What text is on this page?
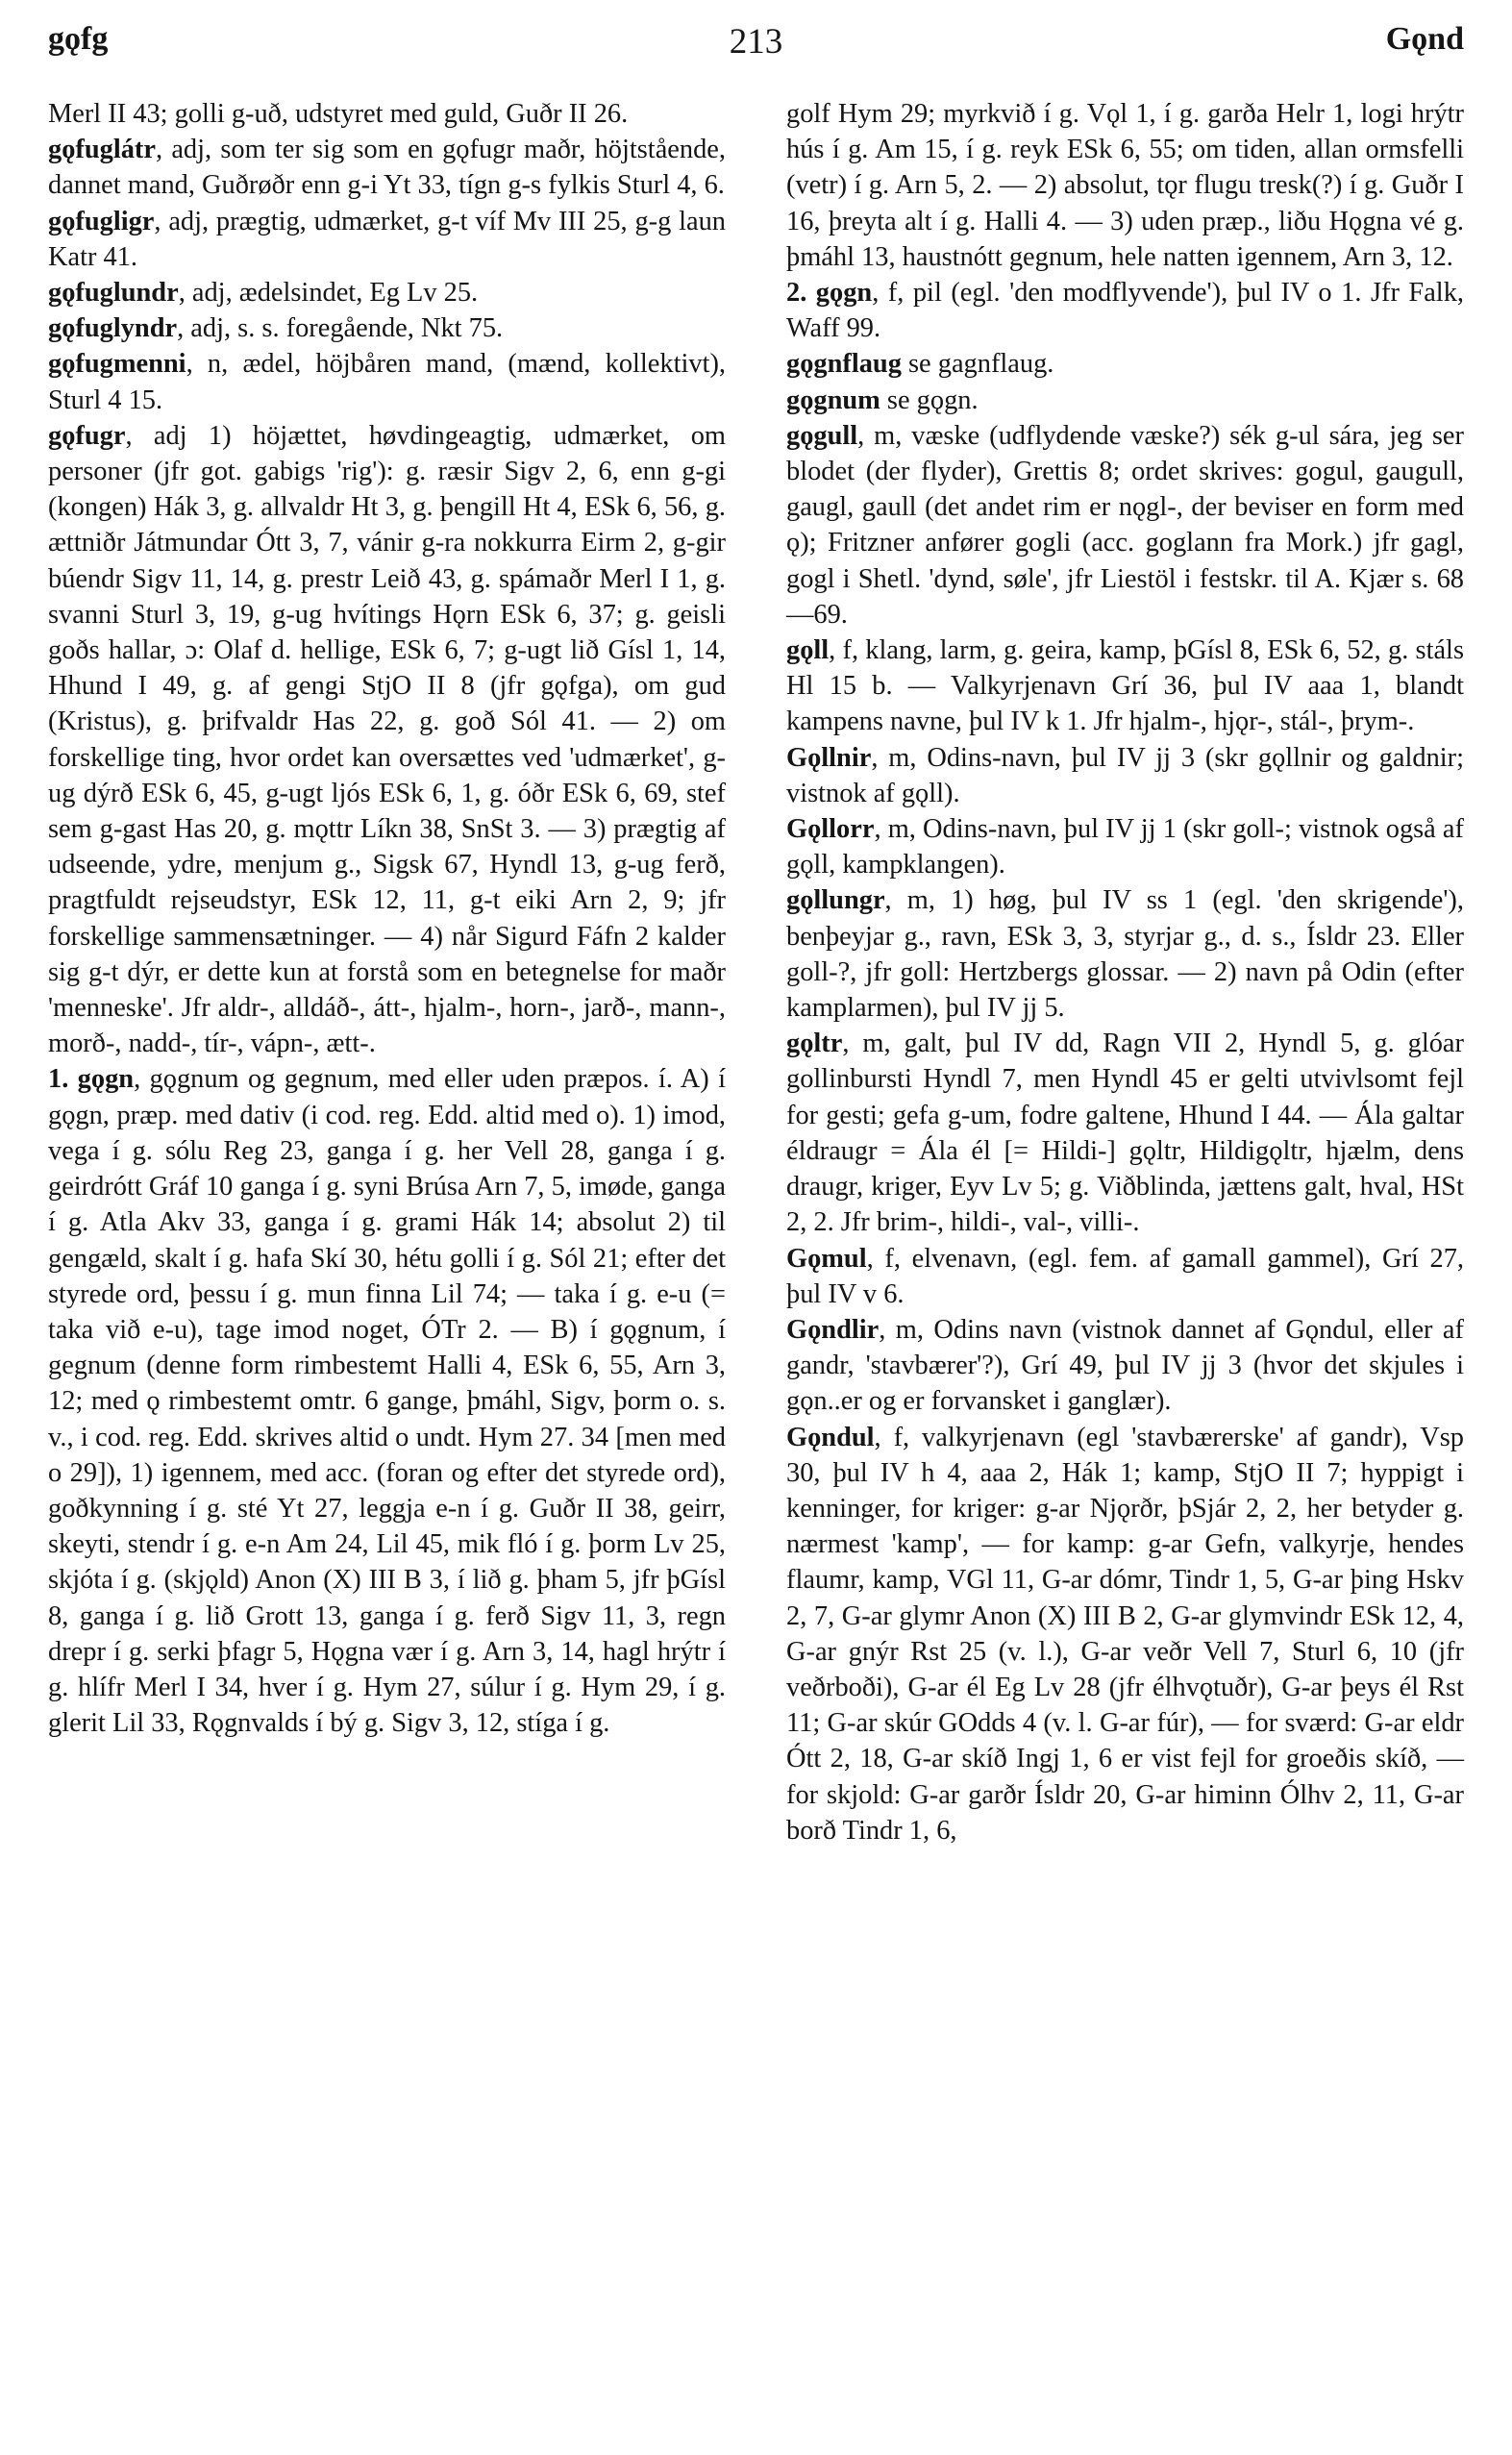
gǫfg	213	Gǫnd

Merl II 43; golli g-uð, udstyret med guld, Guðr II 26.

gǫfuglátr, adj, som ter sig som en gǫfugr maðr, höjtstående, dannet mand, Guðrøðr enn g-i Yt 33, tígn g-s fylkis Sturl 4, 6.

gǫfugligr, adj, prægtig, udmærket, g-t víf Mv III 25, g-g laun Katr 41.

gǫfuglundr, adj, ædelsindet, Eg Lv 25.

gǫfuglyndr, adj, s. s. foregående, Nkt 75.

gǫfugmenni, n, ædel, höjbåren mand, (mænd, kollektivt), Sturl 4 15.

gǫfugr, adj 1) höjættet, høvdingeagtig, udmærket, om personer (jfr got. gabigs 'rig'): g. ræsir Sigv 2, 6, enn g-gi (kongen) Hák 3, g. allvaldr Ht 3, g. þengill Ht 4, ESk 6, 56, g. ættniðr Játmundar Ótt 3, 7, vánir g-ra nokkurra Eirm 2, g-gir búendr Sigv 11, 14, g. prestr Leið 43, g. spámaðr Merl I 1, g. svanni Sturl 3, 19, g-ug hvítings Hǫrn ESk 6, 37; g. geisli goðs hallar, ɔ: Olaf d. hellige, ESk 6, 7; g-ugt lið Gísl 1, 14, Hhund I 49, g. af gengi StjO II 8 (jfr gǫfga), om gud (Kristus), g. þrifvaldr Has 22, g. goð Sól 41. — 2) om forskellige ting, hvor ordet kan oversættes ved 'udmærket', g-ug dýrð ESk 6, 45, g-ugt ljós ESk 6, 1, g. óðr ESk 6, 69, stef sem g-gast Has 20, g. mǫttr Líkn 38, SnSt 3. — 3) prægtig af udseende, ydre, menjum g., Sigsk 67, Hyndl 13, g-ug ferð, pragtfuldt rejseudstyr, ESk 12, 11, g-t eiki Arn 2, 9; jfr forskellige sammensætninger. — 4) når Sigurd Fáfn 2 kalder sig g-t dýr, er dette kun at forstå som en betegnelse for maðr 'menneske'. Jfr aldr-, alldáð-, átt-, hjalm-, horn-, jarð-, mann-, morð-, nadd-, tír-, vápn-, ætt-.

1. gǫgn, gǫgnum og gegnum, med eller uden præpos. í. A) í gǫgn, præp. med dativ (i cod. reg. Edd. altid med o). 1) imod, vega í g. sólu Reg 23, ganga í g. her Vell 28, ganga í g. geirdrótt Gráf 10 ganga í g. syni Brúsa Arn 7, 5, imøde, ganga í g. Atla Akv 33, ganga í g. grami Hák 14; absolut 2) til gengæld, skalt í g. hafa Skí 30, hétu golli í g. Sól 21; efter det styrede ord, þessu í g. mun finna Lil 74; — taka í g. e-u (= taka við e-u), tage imod noget, ÓTr 2. — B) í gǫgnum, í gegnum (denne form rimbestemt Halli 4, ESk 6, 55, Arn 3, 12; med ǫ rimbestemt omtr. 6 gange, þmáhl, Sigv, þorm o. s. v., i cod. reg. Edd. skrives altid o undt. Hym 27. 34 [men med o 29]), 1) igennem, med acc. (foran og efter det styrede ord), goðkynning í g. sté Yt 27, leggja e-n í g. Guðr II 38, geirr, skeyti, stendr í g. e-n Am 24, Lil 45, mik fló í g. þorm Lv 25, skjóta í g. (skjǫld) Anon (X) III B 3, í lið g. þham 5, jfr þGísl 8, ganga í g. lið Grott 13, ganga í g. ferð Sigv 11, 3, regn drepr í g. serki þfagr 5, Hǫgna vær í g. Arn 3, 14, hagl hrýtr í g. hlífr Merl I 34, hver í g. Hym 27, súlur í g. Hym 29, í g. glerit Lil 33, Rǫgnvalds í bý g. Sigv 3, 12, stíga í g.

golf Hym 29; myrkvið í g. Vǫl 1, í g. garða Helr 1, logi hrýtr hús í g. Am 15, í g. reyk ESk 6, 55; om tiden, allan ormsfelli (vetr) í g. Arn 5, 2. — 2) absolut, tǫr flugu tresk(?) í g. Guðr I 16, þreyta alt í g. Halli 4. — 3) uden præp., liðu Hǫgna vé g. þmáhl 13, haustnótt gegnum, hele natten igennem, Arn 3, 12.

2. gǫgn, f, pil (egl. 'den modflyvende'), þul IV o 1. Jfr Falk, Waff 99.

gǫgnflaug se gagnflaug.

gǫgnum se gǫgn.

gǫgull, m, væske (udflydende væske?) sék g-ul sára, jeg ser blodet (der flyder), Grettis 8; ordet skrives: gogul, gaugull, gaugl, gaull (det andet rim er nǫgl-, der beviser en form med ǫ); Fritzner anfører gogli (acc. goglann fra Mork.) jfr gagl, gogl i Shetl. 'dynd, søle', jfr Liestöl i festskr. til A. Kjær s. 68—69.

gǫll, f, klang, larm, g. geira, kamp, þGísl 8, ESk 6, 52, g. stáls Hl 15 b. — Valkyrjenavn Grí 36, þul IV aaa 1, blandt kampens navne, þul IV k 1. Jfr hjalm-, hjǫr-, stál-, þrym-.

Gǫllnir, m, Odins-navn, þul IV jj 3 (skr gǫllnir og galdnir; vistnok af gǫll).

Gǫllorr, m, Odins-navn, þul IV jj 1 (skr goll-; vistnok også af gǫll, kampklangen).

gǫllungr, m, 1) høg, þul IV ss 1 (egl. 'den skrigende'), benþeyjar g., ravn, ESk 3, 3, styrjar g., d. s., Ísldr 23. Eller goll-?, jfr goll: Hertzbergs glossar. — 2) navn på Odin (efter kamplarmen), þul IV jj 5.

gǫltr, m, galt, þul IV dd, Ragn VII 2, Hyndl 5, g. glóar gollinbursti Hyndl 7, men Hyndl 45 er gelti utvivlsomt fejl for gesti; gefa g-um, fodre galtene, Hhund I 44. — Ála galtar éldraugr = Ála él [= Hildi-] gǫltr, Hildigǫltr, hjælm, dens draugr, kriger, Eyv Lv 5; g. Viðblinda, jættens galt, hval, HSt 2, 2. Jfr brim-, hildi-, val-, villi-.

Gǫmul, f, elvenavn, (egl. fem. af gamall gammel), Grí 27, þul IV v 6.

Gǫndlir, m, Odins navn (vistnok dannet af Gǫndul, eller af gandr, 'stavbærer'?), Grí 49, þul IV jj 3 (hvor det skjules i gǫn..er og er forvansket i ganglær).

Gǫndul, f, valkyrjenavn (egl 'stavbærerske' af gandr), Vsp 30, þul IV h 4, aaa 2, Hák 1; kamp, StjO II 7; hyppigt i kenninger, for kriger: g-ar Njǫrðr, þSjár 2, 2, her betyder g. nærmest 'kamp', — for kamp: g-ar Gefn, valkyrje, hendes flaumr, kamp, VGl 11, G-ar dómr, Tindr 1, 5, G-ar þing Hskv 2, 7, G-ar glymr Anon (X) III B 2, G-ar glymvindr ESk 12, 4, G-ar gnýr Rst 25 (v. l.), G-ar veðr Vell 7, Sturl 6, 10 (jfr veðrboði), G-ar él Eg Lv 28 (jfr élhvǫtuðr), G-ar þeys él Rst 11; G-ar skúr GOdds 4 (v. l. G-ar fúr), — for sværd: G-ar eldr Ótt 2, 18, G-ar skíð Ingj 1, 6 er vist fejl for groeðis skíð, — for skjold: G-ar garðr Ísldr 20, G-ar himinn Ólhv 2, 11, G-ar borð Tindr 1, 6,
